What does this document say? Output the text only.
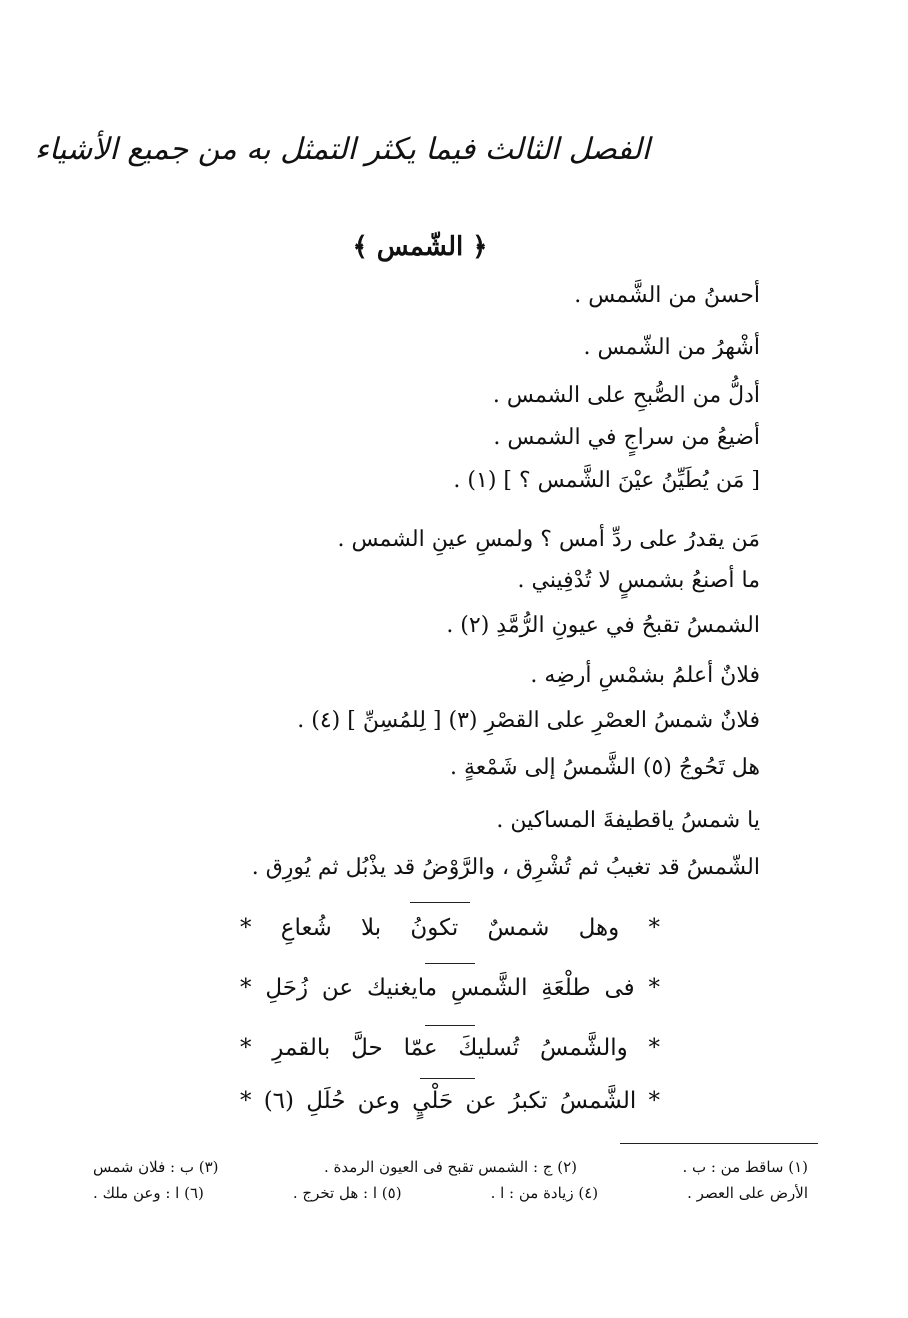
الفصل الثالث فيما يكثر التمثل به من جميع الأشياء
﴿ الشّمس ﴾
أحسنُ من الشَّمس .
أشْهرُ من الشّمس .
أدلُّ من الصُّبحِ على الشمس .
أضيعُ من سراجٍ في الشمس .
[ مَن يُطَيِّنُ عيْنَ الشَّمس ؟ ] (١) .
مَن يقدرُ على ردِّ أمس ؟ ولمسِ عينِ الشمس .
ما أصنعُ بشمسٍ لا تُدْفِيني .
الشمسُ تقبحُ في عيونِ الرُّمَّدِ (٢) .
فلانٌ أعلمُ بشمْسِ أرضِه .
فلانٌ شمسُ العصْرِ على القصْرِ (٣) [ لِلمُسِنِّ ] (٤) .
هل تَحُوجُ (٥) الشَّمسُ إلى شَمْعةٍ .
يا شمسُ ياقطيفةَ المساكين .
الشّمسُ قد تغيبُ ثم تُشْرِق ، والرَّوْضُ قد يذْبُل ثم يُورِق .
* وهل شمسٌ تكونُ بلا شُعاعِ *
* فى طلْعَةِ الشَّمسِ مايغنيك عن زُحَلِ *
* والشَّمسُ تُسليكَ عمّا حلَّ بالقمرِ *
* الشَّمسُ تكبرُ عن حَلْيٍ وعن حُلَلِ (٦) *
(١) ساقط من : ب .
(٢) ج : الشمس تقبح فى العيون الرمدة .
(٣) ب : فلان شمس
الأرض على العصر .
(٤) زيادة من : ا .
(٥) ا : هل تخرج .
(٦) ا : وعن ملك .
